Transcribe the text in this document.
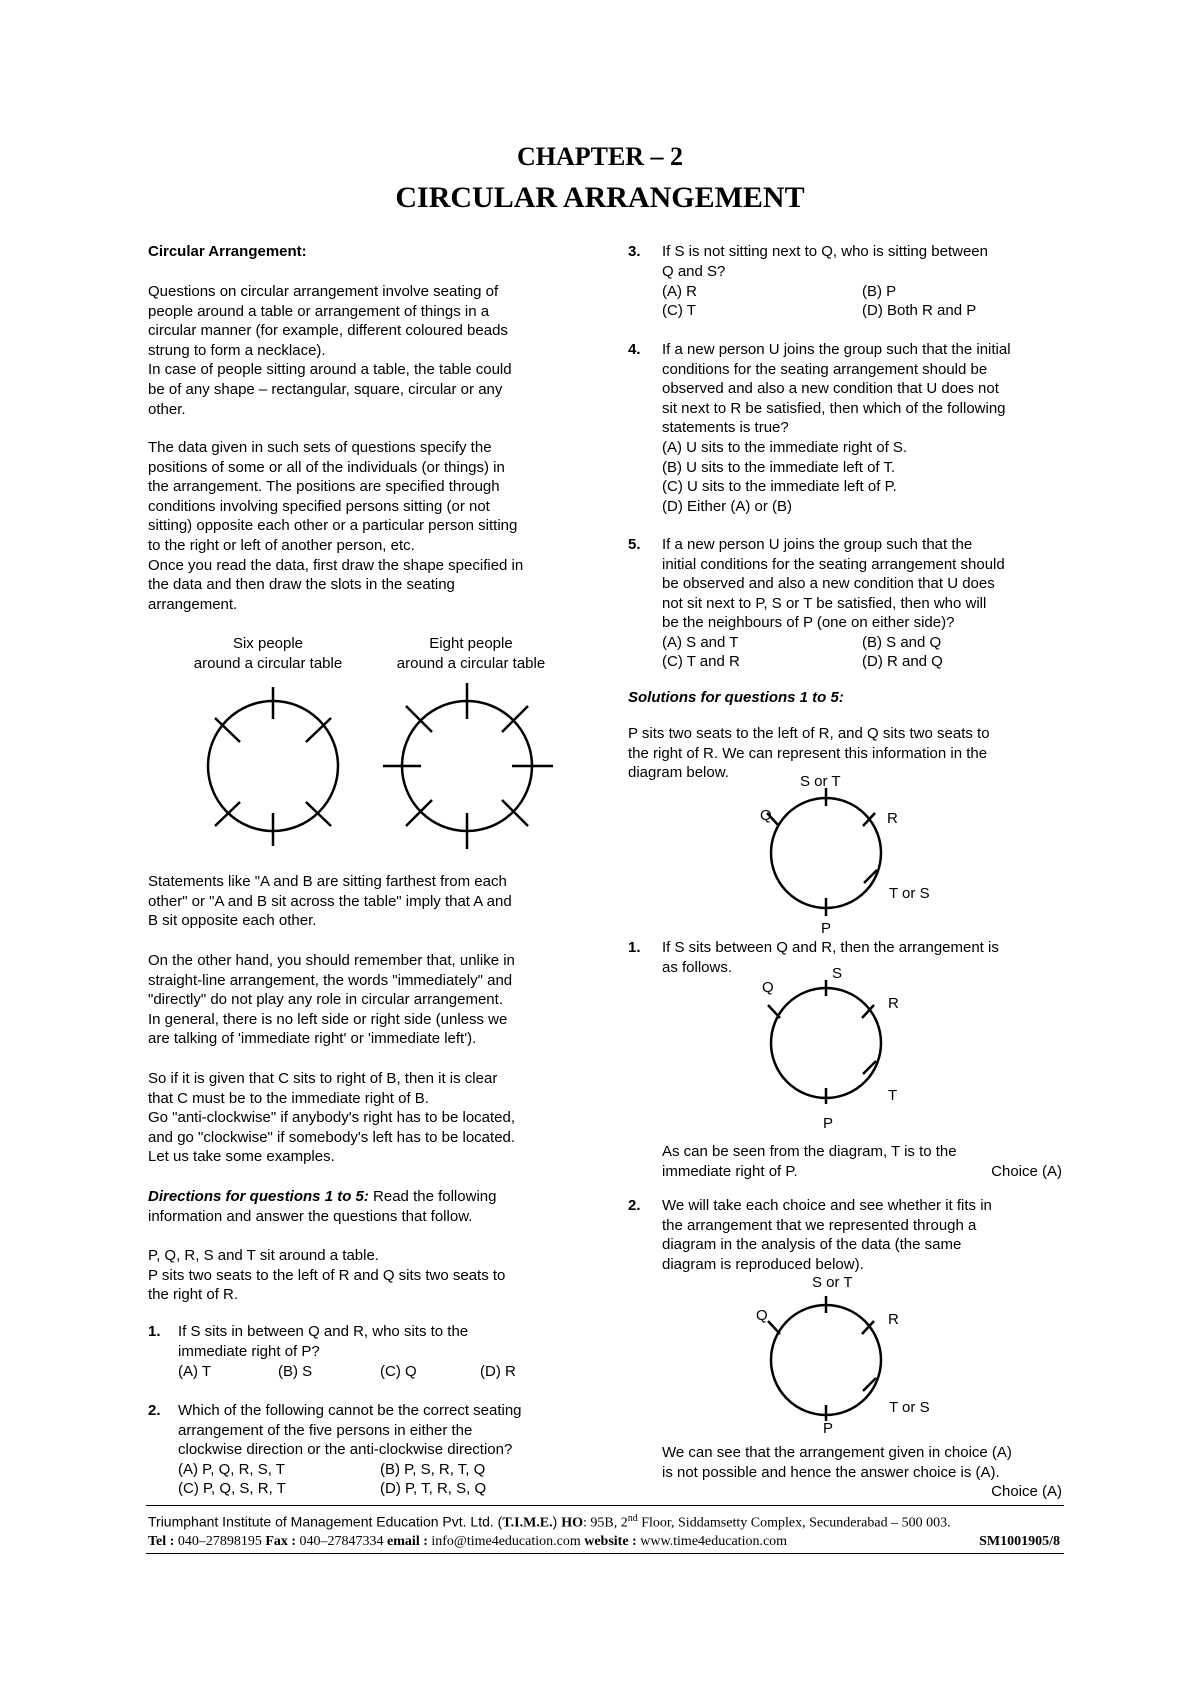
CHAPTER – 2
CIRCULAR ARRANGEMENT
Circular Arrangement:
Questions on circular arrangement involve seating of
people around a table or arrangement of things in a
circular manner (for example, different coloured beads
strung to form a necklace).
In case of people sitting around a table, the table could
be of any shape – rectangular, square, circular or any
other.
The data given in such sets of questions specify the
positions of some or all of the individuals (or things) in
the arrangement. The positions are specified through
conditions involving specified persons sitting (or not
sitting) opposite each other or a particular person sitting
to the right or left of another person, etc.
Once you read the data, first draw the shape specified in
the data and then draw the slots in the seating
arrangement.
Six people
around a circular table
Eight people
around a circular table
Statements like "A and B are sitting farthest from each
other" or "A and B sit across the table" imply that A and
B sit opposite each other.
On the other hand, you should remember that, unlike in
straight-line arrangement, the words "immediately" and
"directly" do not play any role in circular arrangement.
In general, there is no left side or right side (unless we
are talking of 'immediate right' or 'immediate left').
So if it is given that C sits to right of B, then it is clear
that C must be to the immediate right of B.
Go "anti-clockwise" if anybody's right has to be located,
and go "clockwise" if somebody's left has to be located.
Let us take some examples.
Directions for questions 1 to 5: Read the following
information and answer the questions that follow.
P, Q, R, S and T sit around a table.
P sits two seats to the left of R and Q sits two seats to
the right of R.
1. If S sits in between Q and R, who sits to the
immediate right of P?
(A) T	(B) S	(C) Q	(D) R
2. Which of the following cannot be the correct seating
arrangement of the five persons in either the
clockwise direction or the anti-clockwise direction?
(A) P, Q, R, S, T	(B) P, S, R, T, Q
(C) P, Q, S, R, T	(D) P, T, R, S, Q
3. If S is not sitting next to Q, who is sitting between
Q and S?
(A) R	(B) P
(C) T	(D) Both R and P
4. If a new person U joins the group such that the initial
conditions for the seating arrangement should be
observed and also a new condition that U does not
sit next to R be satisfied, then which of the following
statements is true?
(A) U sits to the immediate right of S.
(B) U sits to the immediate left of T.
(C) U sits to the immediate left of P.
(D) Either (A) or (B)
5. If a new person U joins the group such that the
initial conditions for the seating arrangement should
be observed and also a new condition that U does
not sit next to P, S or T be satisfied, then who will
be the neighbours of P (one on either side)?
(A) S and T	(B) S and Q
(C) T and R	(D) R and Q
Solutions for questions 1 to 5:
P sits two seats to the left of R, and Q sits two seats to
the right of R. We can represent this information in the
diagram below.
S or T
Q	R
T or S
P
S
Q
R
T
P
S or T
Q	R
T or S
P
1. If S sits between Q and R, then the arrangement is
as follows.
As can be seen from the diagram, T is to the
immediate right of P.	Choice (A)
2. We will take each choice and see whether it fits in
the arrangement that we represented through a
diagram in the analysis of the data (the same
diagram is reproduced below).
We can see that the arrangement given in choice (A)
is not possible and hence the answer choice is (A).
Choice (A)
Triumphant Institute of Management Education Pvt. Ltd. (T.I.M.E.) HO: 95B, 2nd Floor, Siddamsetty Complex, Secunderabad – 500 003.
Tel : 040–27898195 Fax : 040–27847334 email : info@time4education.com website : www.time4education.com	SM1001905/8
